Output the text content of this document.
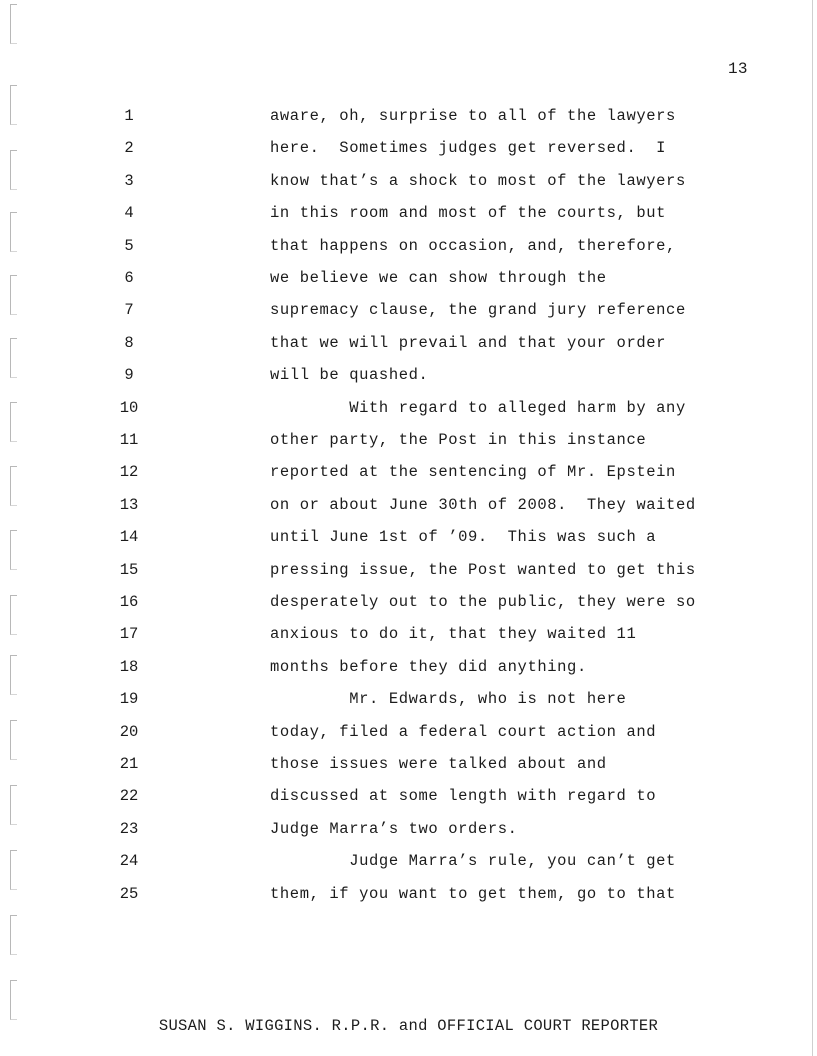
13
1	aware, oh, surprise to all of the lawyers
2	here.  Sometimes judges get reversed.  I
3	know that’s a shock to most of the lawyers
4	in this room and most of the courts, but
5	that happens on occasion, and, therefore,
6	we believe we can show through the
7	supremacy clause, the grand jury reference
8	that we will prevail and that your order
9	will be quashed.
10	With regard to alleged harm by any
11	other party, the Post in this instance
12	reported at the sentencing of Mr. Epstein
13	on or about June 30th of 2008.  They waited
14	until June 1st of ’09.  This was such a
15	pressing issue, the Post wanted to get this
16	desperately out to the public, they were so
17	anxious to do it, that they waited 11
18	months before they did anything.
19	Mr. Edwards, who is not here
20	today, filed a federal court action and
21	those issues were talked about and
22	discussed at some length with regard to
23	Judge Marra’s two orders.
24	Judge Marra’s rule, you can’t get
25	them, if you want to get them, go to that
SUSAN S. WIGGINS. R.P.R. and OFFICIAL COURT REPORTER
